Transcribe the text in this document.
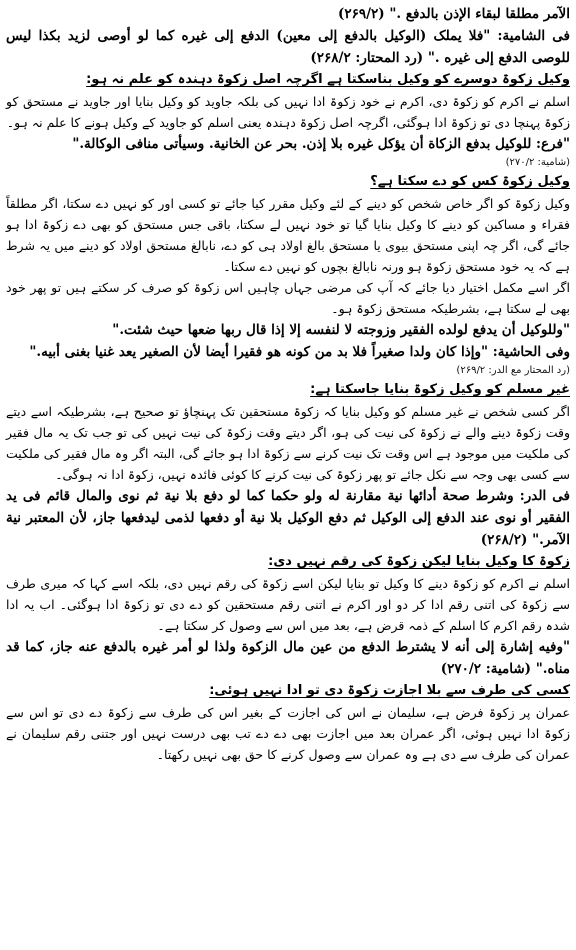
الآمر مطلقا لبقاء الإذن بالدفع ." (۲۶۹/۲)

فی الشامیة: "فلا یملک (الوکیل بالدفع إلی معین) الدفع إلی غیره کما لو أوصی لزید بکذا لیس للوصی الدفع إلی غیره ." (رد المحتار: ۲۶۸/۲)

وکیل زکوۃ دوسرے کو وکیل بناسکتا ہے اگرچہ اصل زکوۃ دہندہ کو علم نہ ہو:

اسلم نے اکرم کو زکوۃ دی، اکرم نے خود زکوۃ ادا نہیں کی بلکہ جاوید کو وکیل بنایا اور جاوید نے مستحق کو زکوۃ پہنچا دی تو زکوۃ ادا ہوگئی، اگرچہ اصل زکوۃ دہندہ یعنی اسلم کو جاوید کے وکیل ہونے کا علم نہ ہو۔

"فرع: للوکیل بدفع الزکاة أن یؤکل غیره بلا إذن. بحر عن الخانیة. وسیأتی منافی الوکالة."

(شامیة: ۲۷۰/۲)

وکیل زکوۃ کس کو دے سکتا ہے؟

وکیل زکوۃ کو اگر خاص شخص کو دینے کے لئے وکیل مقرر کیا جائے تو کسی اور کو نہیں دے سکتا، اگر مطلقاً فقراء و مساکین کو دینے کا وکیل بنایا گیا تو خود نہیں لے سکتا، باقی جس مستحق کو بھی دے زکوۃ ادا ہو جائے گی، اگر چہ اپنی مستحق بیوی یا مستحق بالغ اولاد ہی کو دے، نابالغ مستحق اولاد کو دینے میں یہ شرط ہے کہ یہ خود مستحق زکوۃ ہو ورنہ نابالغ بچوں کو نہیں دے سکتا۔

اگر اسے مکمل اختیار دیا جائے کہ آپ کی مرضی جہاں چاہیں اس زکوۃ کو صرف کر سکتے ہیں تو پھر خود بھی لے سکتا ہے، بشرطیکہ مستحق زکوۃ ہو۔

"وللوکیل أن یدفع لولده الفقیر وزوجته لا لنفسه إلا إذا قال ربها ضعها حیث شئت."

وفی الحاشیة: "وإذا کان ولدا صغیراً فلا بد من کونه هو فقیرا أیضا لأن الصغیر یعد غنیا بغنی أبیه."

(رد المحتار مع الدر: ۲۶۹/۲)

غیر مسلم کو وکیل زکوۃ بنایا جاسکتا ہے:

اگر کسی شخص نے غیر مسلم کو وکیل بنایا کہ زکوۃ مستحقین تک پہنچاؤ تو صحیح ہے، بشرطیکہ اسے دیتے وقت زکوۃ دینے والے نے زکوۃ کی نیت کی ہو، اگر دیتے وقت زکوۃ کی نیت نہیں کی تو جب تک یہ مال فقیر کی ملکیت میں موجود ہے اس وقت تک نیت کرنے سے زکوۃ ادا ہو جائے گی، البتہ اگر وہ مال فقیر کی ملکیت سے کسی بھی وجہ سے نکل جائے تو پھر زکوۃ کی نیت کرنے کا کوئی فائدہ نہیں، زکوۃ ادا نہ ہوگی۔

فی الدر: وشرط صحة أدائها نیة مقارنة له ولو حکما کما لو دفع بلا نیة ثم نوی والمال قائم فی ید الفقیر أو نوی عند الدفع إلی الوکیل ثم دفع الوکیل بلا نیة أو دفعها لذمی لیدفعها جاز، لأن المعتبر نیة الآمر." (۲۶۸/۲)

زکوۃ کا وکیل بنایا لیکن زکوۃ کی رقم نہیں دی:

اسلم نے اکرم کو زکوۃ دینے کا وکیل تو بنایا لیکن اسے زکوۃ کی رقم نہیں دی، بلکہ اسے کہا کہ میری طرف سے زکوۃ کی اتنی رقم ادا کر دو اور اکرم نے اتنی رقم مستحقین کو دے دی تو زکوۃ ادا ہوگئی۔ اب یہ ادا شدہ رقم اکرم کا اسلم کے ذمہ قرض ہے، بعد میں اس سے وصول کر سکتا ہے۔

"وفیه إشارة إلی أنه لا یشترط الدفع من عین مال الزکوة ولذا لو أمر غیره بالدفع عنه جاز، کما قد مناه." (شامیة: ۲۷۰/۲)

کسی کی طرف سے بلا اجازت زکوۃ دی تو ادا نہیں ہوئی:

عمران پر زکوۃ فرض ہے، سلیمان نے اس کی اجازت کے بغیر اس کی طرف سے زکوۃ دے دی تو اس سے زکوۃ ادا نہیں ہوئی، اگر عمران بعد میں اجازت بھی دے دے تب بھی درست نہیں اور جتنی رقم سلیمان نے عمران کی طرف سے دی ہے وہ عمران سے وصول کرنے کا حق بھی نہیں رکھتا۔
